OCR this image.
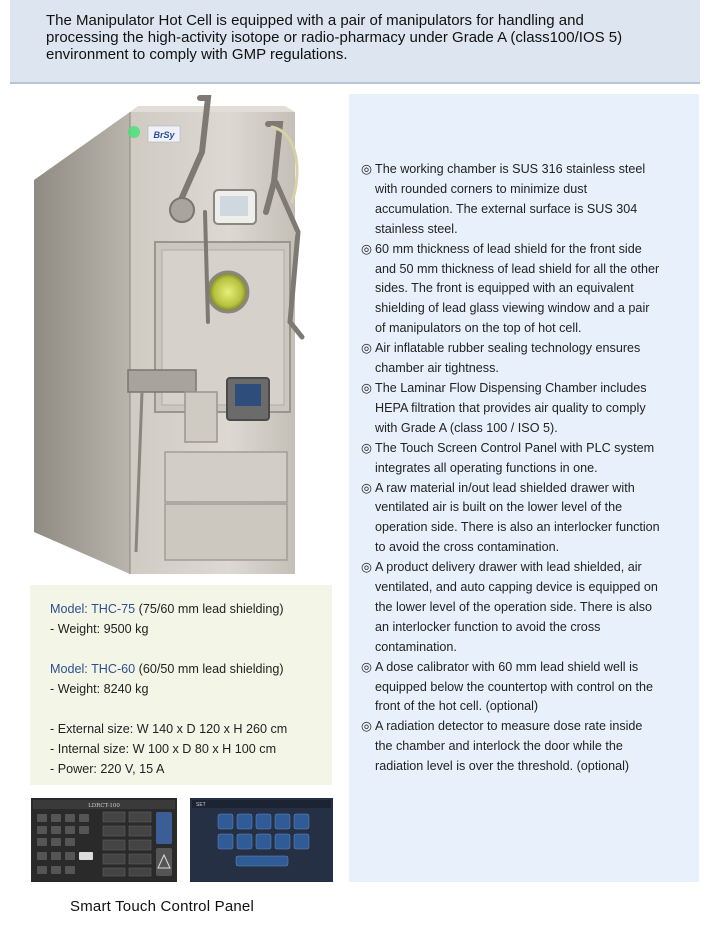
The Manipulator Hot Cell is equipped with a pair of manipulators for handling and

processing the high-activity isotope or radio-pharmacy under Grade A (class100/IOS 5)

environment to comply with GMP regulations.

BrSy
◎ The working chamber is SUS 316 stainless steel
with rounded corners to minimize dust
accumulation. The external surface is SUS 304
stainless steel.
◎ 60 mm thickness of lead shield for the front side
and 50 mm thickness of lead shield for all the other
sides. The front is equipped with an equivalent
shielding of lead glass viewing window and a pair
of manipulators on the top of hot cell.
◎ Air inflatable rubber sealing technology ensures
chamber air tightness.
◎ The Laminar Flow Dispensing Chamber includes
HEPA filtration that provides air quality to comply
with Grade A (class 100 / ISO 5).
◎ The Touch Screen Control Panel with PLC system
integrates all operating functions in one.
◎ A raw material in/out lead shielded drawer with
ventilated air is built on the lower level of the
operation side. There is also an interlocker function
to avoid the cross contamination.
◎ A product delivery drawer with lead shielded, air
ventilated, and auto capping device is equipped on
the lower level of the operation side. There is also
an interlocker function to avoid the cross
contamination.
◎ A dose calibrator with 60 mm lead shield well is
equipped below the countertop with control on the
front of the hot cell. (optional)
◎ A radiation detector to measure dose rate inside
the chamber and interlock the door while the
radiation level is over the threshold. (optional)
Model: THC-75 (75/60 mm lead shielding)
- Weight: 9500 kg
Model: THC-60 (60/50 mm lead shielding)
- Weight: 8240 kg
- External size: W 140 x D 120 x H 260 cm
- Internal size: W 100 x D 80 x H 100 cm
- Power: 220 V, 15 A
LDRCT-100	SET
Smart Touch Control Panel
